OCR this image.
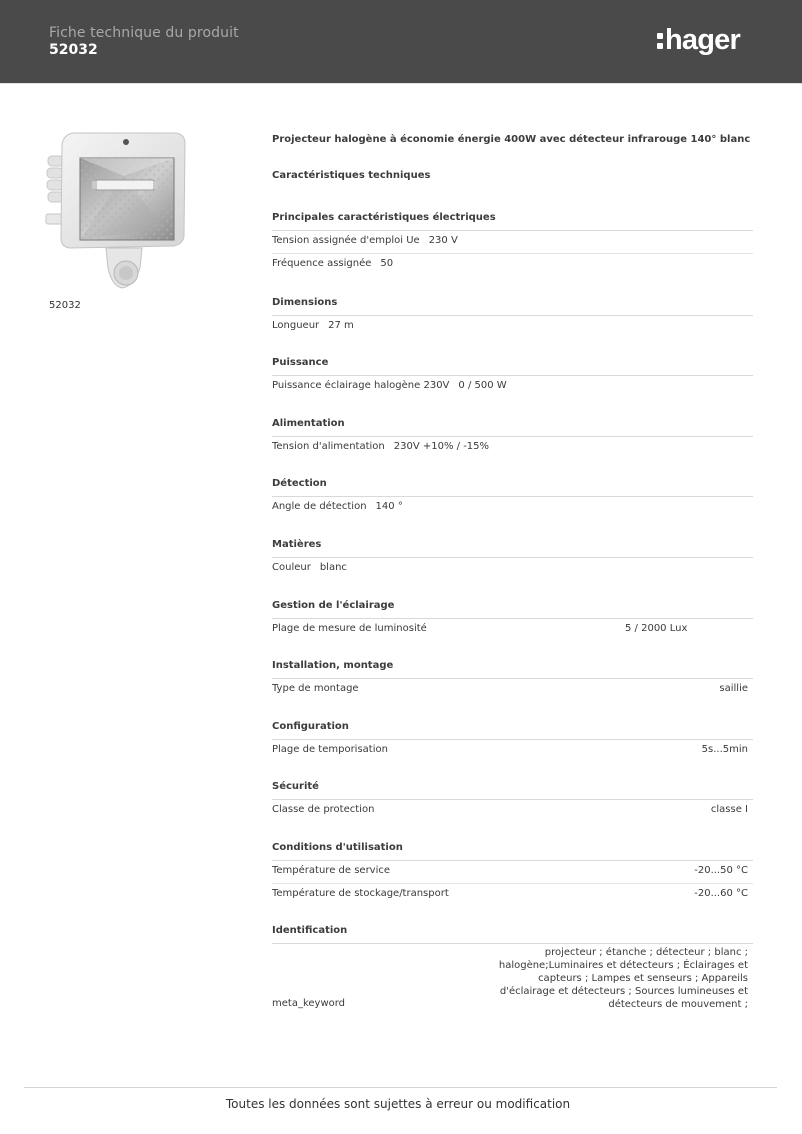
Fiche technique du produit
52032	hager
52032
Projecteur halogène à économie énergie 400W avec détecteur infrarouge 140° blanc
Caractéristiques techniques
Principales caractéristiques électriques
Tension assignée d'emploi Ue 230 V
Fréquence assignée 50
Dimensions
Longueur 27 m
Puissance
Puissance éclairage halogène 230V 0 / 500 W
Alimentation
Tension d'alimentation 230V +10% / -15%
Détection
Angle de détection 140 °
Matières
Couleur blanc
Gestion de l'éclairage
Plage de mesure de luminosité	5 / 2000 Lux
Installation, montage
Type de montage	saillie
Configuration
Plage de temporisation	5s...5min
Sécurité
Classe de protection	classe I
Conditions d'utilisation
Température de service	-20...50 °C
Température de stockage/transport	-20...60 °C
Identification
meta_keyword
projecteur ; étanche ; détecteur ; blanc ; halogène;Luminaires et détecteurs ; Éclairages et capteurs ; Lampes et senseurs ; Appareils d'éclairage et détecteurs ; Sources lumineuses et détecteurs de mouvement ;
Toutes les données sont sujettes à erreur ou modification
